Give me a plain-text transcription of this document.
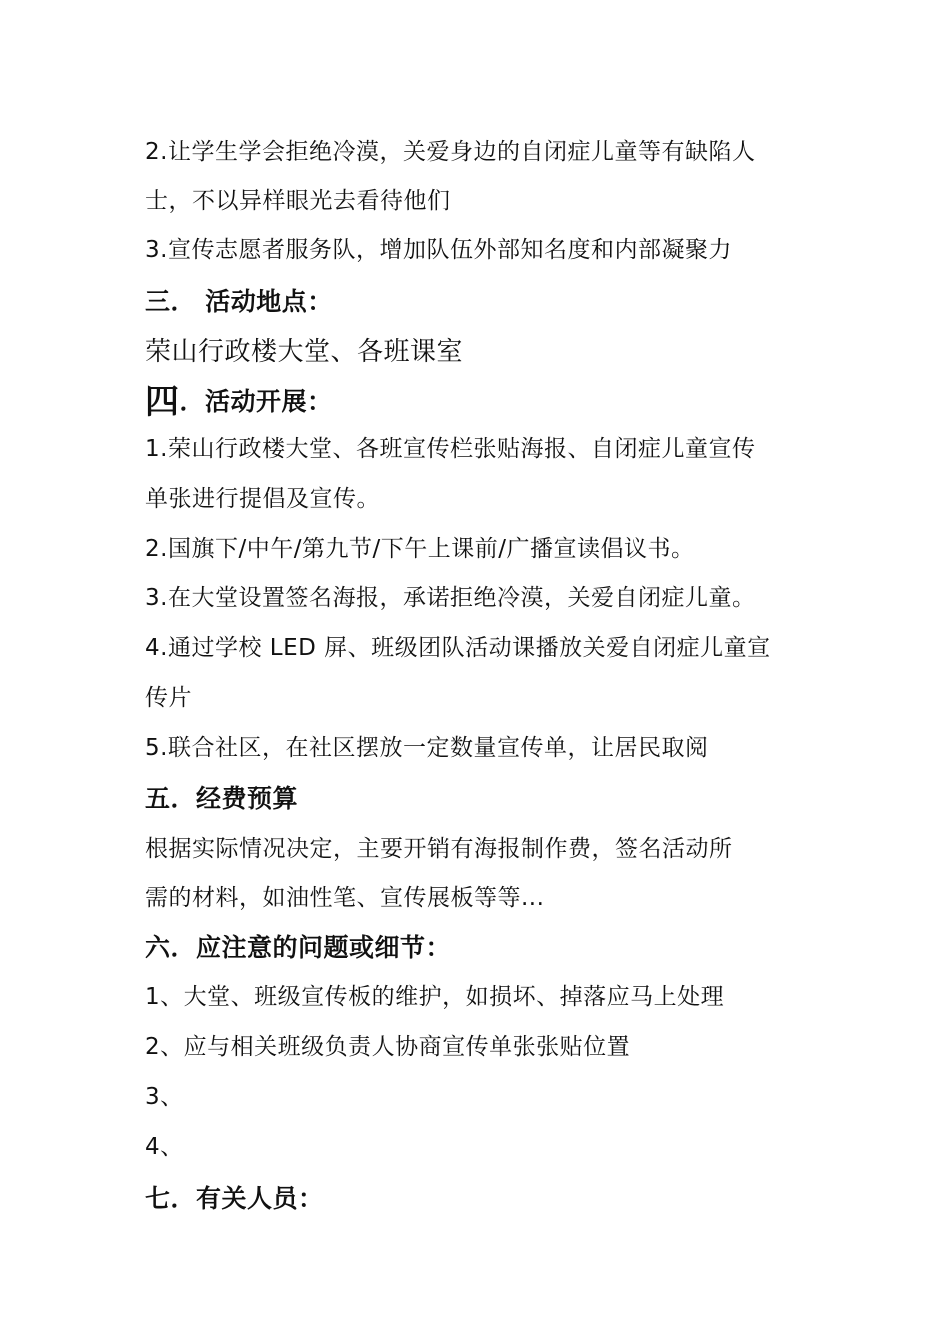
2.让学生学会拒绝冷漠，关爱身边的自闭症儿童等有缺陷人
士，不以异样眼光去看待他们
3.宣传志愿者服务队，增加队伍外部知名度和内部凝聚力
三． 活动地点：
荣山行政楼大堂、各班课室
四．活动开展：
1.荣山行政楼大堂、各班宣传栏张贴海报、自闭症儿童宣传
单张进行提倡及宣传。
2.国旗下/中午/第九节/下午上课前/广播宣读倡议书。
3.在大堂设置签名海报，承诺拒绝冷漠，关爱自闭症儿童。
4.通过学校 LED 屏、班级团队活动课播放关爱自闭症儿童宣
传片
5.联合社区，在社区摆放一定数量宣传单，让居民取阅
五．经费预算
根据实际情况决定，主要开销有海报制作费，签名活动所
需的材料，如油性笔、宣传展板等等...
六．应注意的问题或细节：
1、大堂、班级宣传板的维护，如损坏、掉落应马上处理
2、应与相关班级负责人协商宣传单张张贴位置
3、
4、
七．有关人员：
